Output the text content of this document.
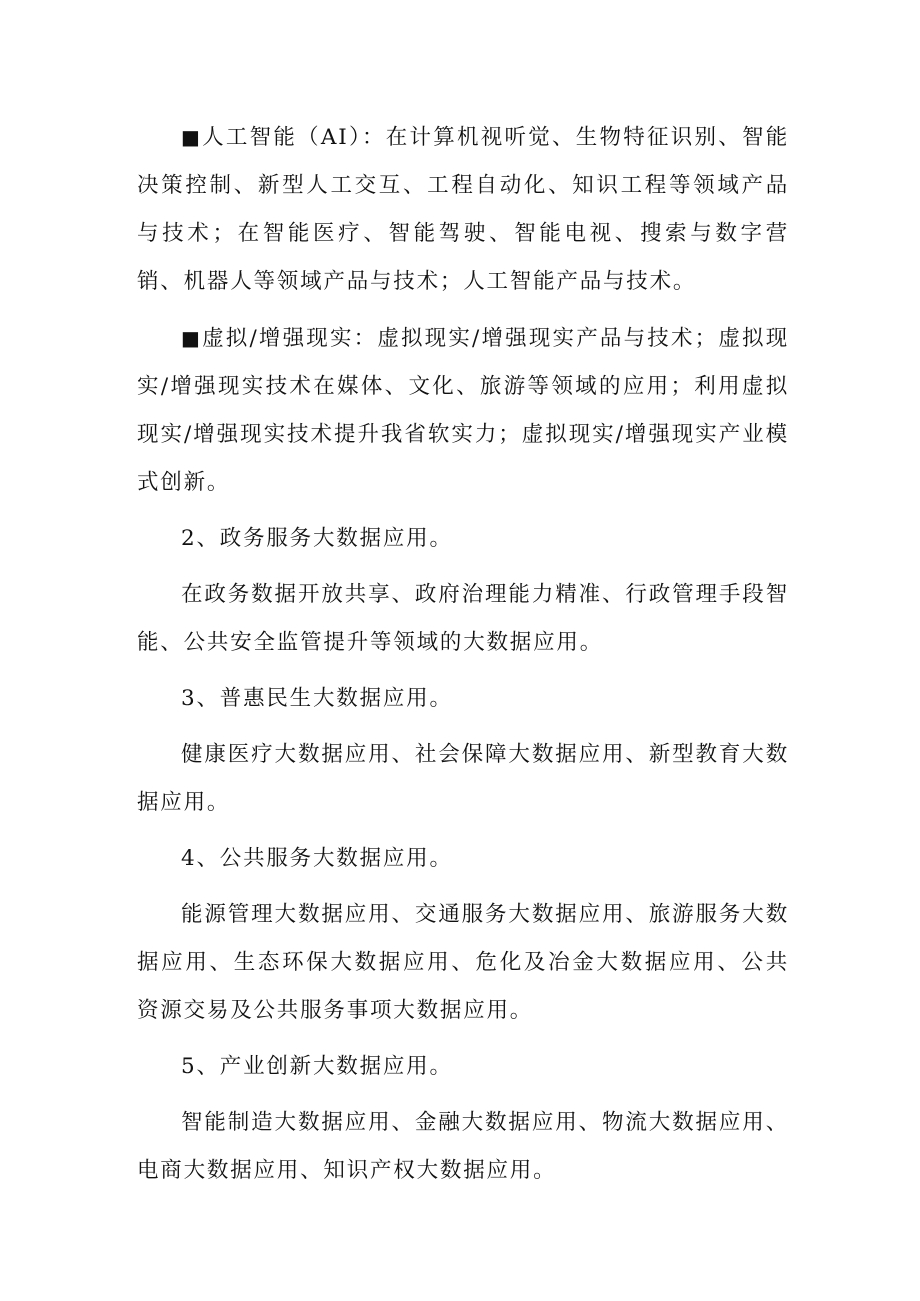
■人工智能（AI）：在计算机视听觉、生物特征识别、智能决策控制、新型人工交互、工程自动化、知识工程等领域产品与技术；在智能医疗、智能驾驶、智能电视、搜索与数字营销、机器人等领域产品与技术；人工智能产品与技术。

■虚拟/增强现实：虚拟现实/增强现实产品与技术；虚拟现实/增强现实技术在媒体、文化、旅游等领域的应用；利用虚拟现实/增强现实技术提升我省软实力；虚拟现实/增强现实产业模式创新。

2、政务服务大数据应用。

在政务数据开放共享、政府治理能力精准、行政管理手段智能、公共安全监管提升等领域的大数据应用。

3、普惠民生大数据应用。

健康医疗大数据应用、社会保障大数据应用、新型教育大数据应用。

4、公共服务大数据应用。

能源管理大数据应用、交通服务大数据应用、旅游服务大数据应用、生态环保大数据应用、危化及冶金大数据应用、公共资源交易及公共服务事项大数据应用。

5、产业创新大数据应用。

智能制造大数据应用、金融大数据应用、物流大数据应用、电商大数据应用、知识产权大数据应用。
